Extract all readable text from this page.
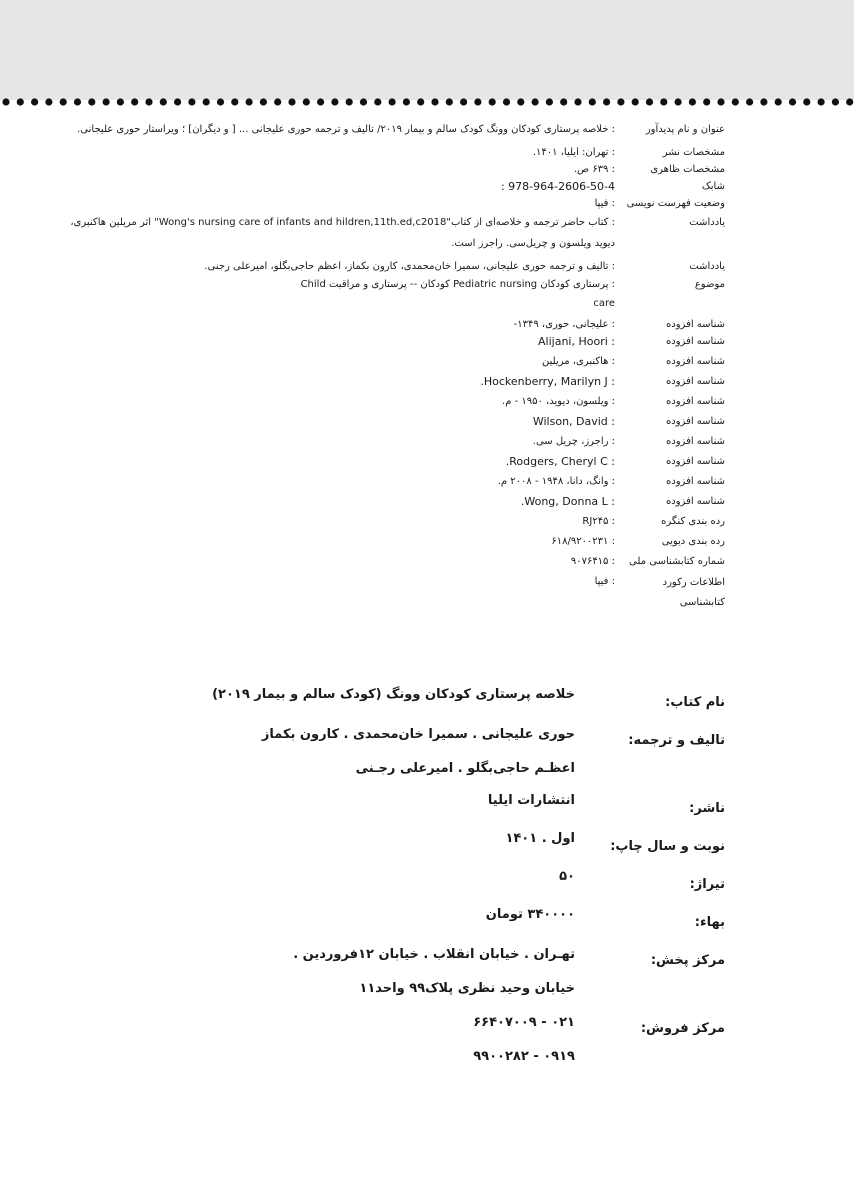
عنوان و نام پدیدآور
: خلاصه پرستاری کودکان وونگ کودک سالم و بیمار ۲۰۱۹/ تالیف و ترجمه حوری علیجانی ... [ و دیگران] ؛ ویراستار حوری علیجانی.
مشخصات نشر
: تهران: ایلیا، ۱۴۰۱.
مشخصات ظاهری
: ۶۳۹ ص.
شابک
978-964-2606-50-4 :
وضعیت فهرست نویسی
: فیپا
یادداشت
: کتاب حاضر ترجمه و خلاصه‌ای از کتاب"Wong's nursing care of infants and hildren,11th.ed,c2018" اثر مریلین هاکنبری، دیوید ویلسون و چریل‌سی. راجرز است.
یادداشت
: تالیف و ترجمه حوری علیجانی، سمیرا خان‌محمدی، کارون بکماز، اعظم حاجی‌بگلو، امیرعلی رجنی.
موضوع
: پرستاری کودکان Pediatric nursing کودکان -- پرستاری و مراقبت Child care
شناسه افزوده
: علیجانی، حوری، ۱۳۴۹-
شناسه افزوده
: Alijani, Hoori
شناسه افزوده
: هاکنبری، مریلین
شناسه افزوده
: Hockenberry, Marilyn J.
شناسه افزوده
: ویلسون، دیوید، ۱۹۵۰ - م.
شناسه افزوده
: Wilson, David
شناسه افزوده
: راجرز، چریل سی.
شناسه افزوده
: Rodgers, Cheryl C.
شناسه افزوده
: وانگ، دانا، ۱۹۴۸ - ۲۰۰۸ م.
شناسه افزوده
: Wong, Donna L.
رده بندی کنگره
: RJ۲۴۵
رده بندی دیویی
: ۶۱۸/۹۲۰۰۲۳۱
شماره کتابشناسی ملی
: ۹۰۷۶۴۱۵
اطلاعات رکورد کتابشناسی
: فیپا
نام کتاب:
خلاصه پرستاری کودکان وونگ (کودک سالم و بیمار ۲۰۱۹)
تالیف و ترجمه:
حوری علیجانی . سمیرا خان‌محمدی . کارون بکماز
اعظـم حاجی‌بگلو . امیرعلی رجـنی
ناشر:
انتشارات ایلیا
نوبت و سال چاپ:
اول . ۱۴۰۱
تیراژ:
۵۰
بهاء:
۳۴۰۰۰۰ تومان
مرکز پخش:
تهـران . خیابان انقلاب . خیابان ۱۲فروردین .
خیابان وحید نظری پلاک۹۹ واحد۱۱
مرکز فروش:
۰۲۱ - ۶۶۴۰۷۰۰۹
۰۹۱۹ - ۹۹۰۰۲۸۲
